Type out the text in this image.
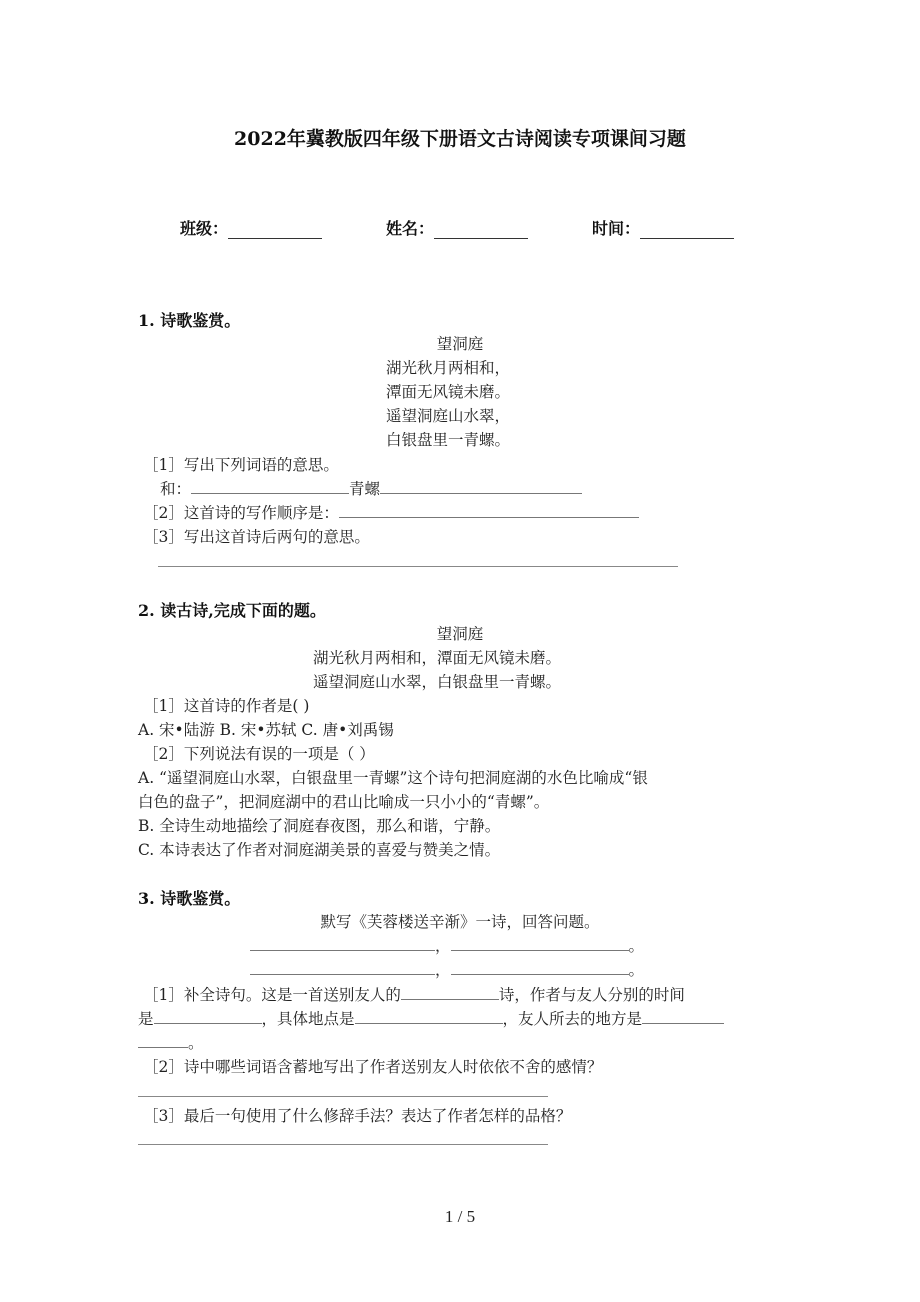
2022年冀教版四年级下册语文古诗阅读专项课间习题
班级：	姓名：	时间：
1. 诗歌鉴赏。
望洞庭
湖光秋月两相和，
潭面无风镜未磨。
遥望洞庭山水翠，
白银盘里一青螺。
［1］写出下列词语的意思。
和：	青螺
［2］这首诗的写作顺序是：
［3］写出这首诗后两句的意思。
2. 读古诗,完成下面的题。
望洞庭
湖光秋月两相和，潭面无风镜未磨。
遥望洞庭山水翠，白银盘里一青螺。
［1］这首诗的作者是( )
A. 宋•陆游 B. 宋•苏轼 C. 唐•刘禹锡
［2］下列说法有误的一项是（ ）
A. “遥望洞庭山水翠，白银盘里一青螺”这个诗句把洞庭湖的水色比喻成“银
白色的盘子”，把洞庭湖中的君山比喻成一只小小的“青螺”。
B. 全诗生动地描绘了洞庭春夜图，那么和谐，宁静。
C. 本诗表达了作者对洞庭湖美景的喜爱与赞美之情。
3. 诗歌鉴赏。
默写《芙蓉楼送辛渐》一诗，回答问题。
，	。
，	。
［1］补全诗句。这是一首送别友人的	诗，作者与友人分别的时间
是	，具体地点是	，友人所去的地方是
。
［2］诗中哪些词语含蓄地写出了作者送别友人时依依不舍的感情？
［3］最后一句使用了什么修辞手法？表达了作者怎样的品格？
1 / 5
